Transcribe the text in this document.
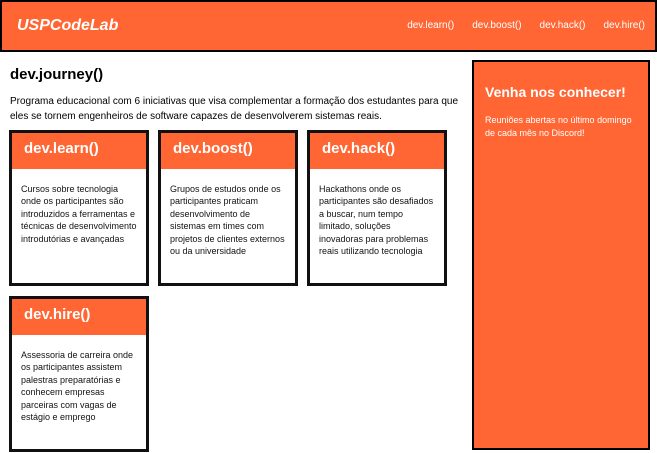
USPCodeLab	dev.learn() dev.boost() dev.hack() dev.hire()
dev.journey()

Programa educacional com 6 iniciativas que visa complementar a formação dos estudantes para que eles se tornem engenheiros de software capazes de desenvolverem sistemas reais.

dev.learn()
Cursos sobre tecnologia onde os participantes são introduzidos a ferramentas e técnicas de desenvolvimento introdutórias e avançadas
dev.boost()
Grupos de estudos onde os participantes praticam desenvolvimento de sistemas em times com projetos de clientes externos ou da universidade
dev.hack()
Hackathons onde os participantes são desafiados a buscar, num tempo limitado, soluções inovadoras para problemas reais utilizando tecnologia
dev.hire()
Assessoria de carreira onde os participantes assistem palestras preparatórias e conhecem empresas parceiras com vagas de estágio e emprego
Venha nos conhecer!
Reuniões abertas no último domingo de cada mês no Discord!
